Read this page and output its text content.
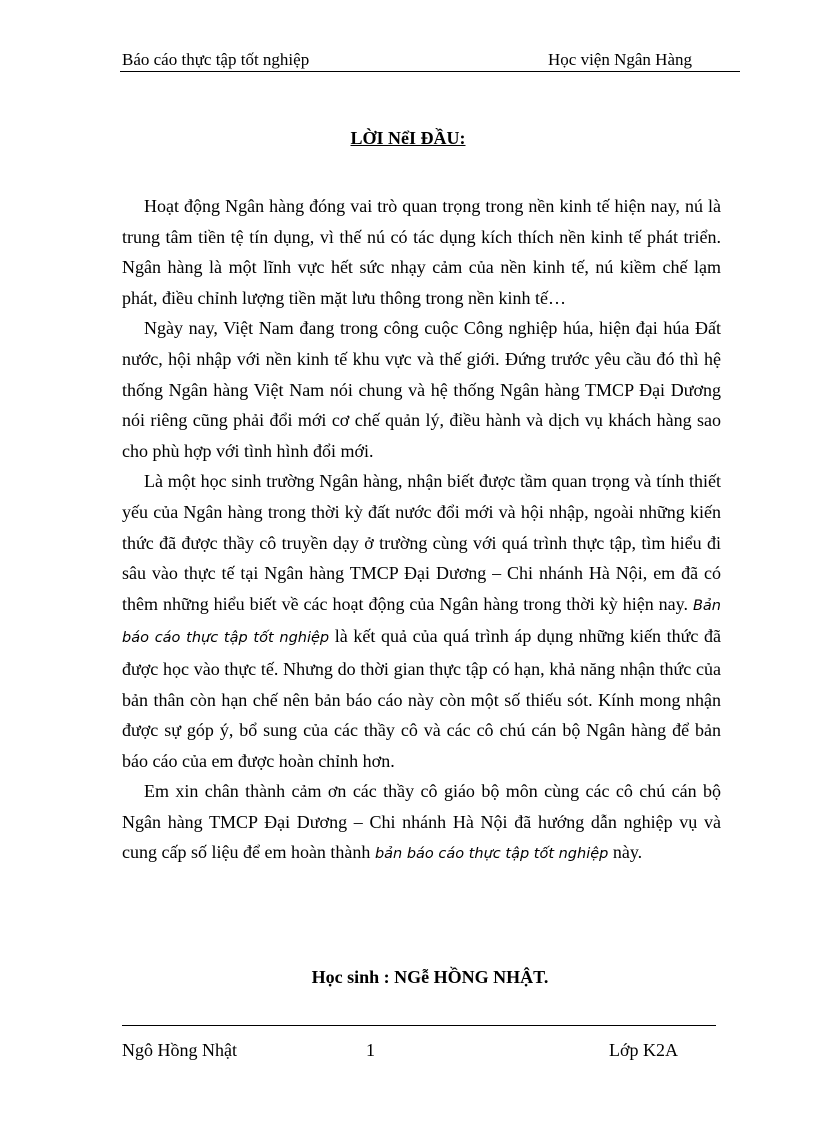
Báo cáo thực tập tốt nghiệp	Học viện Ngân Hàng
LỜI NểI ĐẦU:

Hoạt động Ngân hàng đóng vai trò quan trọng trong nền kinh tế hiện nay, nú là trung tâm tiền tệ tín dụng, vì thế nú có tác dụng kích thích nền kinh tế phát triển. Ngân hàng là một lĩnh vực hết sức nhạy cảm của nền kinh tế, nú kiềm chế lạm phát, điều chỉnh lượng tiền mặt lưu thông trong nền kinh tế…

Ngày nay, Việt Nam đang trong công cuộc Công nghiệp húa, hiện đại húa Đất nước, hội nhập với nền kinh tế khu vực và thế giới. Đứng trước yêu cầu đó thì hệ thống Ngân hàng Việt Nam nói chung và hệ thống Ngân hàng TMCP Đại Dương nói riêng cũng phải đổi mới cơ chế quản lý, điều hành và dịch vụ khách hàng sao cho phù hợp với tình hình đổi mới.

Là một học sinh trường Ngân hàng, nhận biết được tầm quan trọng và tính thiết yếu của Ngân hàng trong thời kỳ đất nước đổi mới và hội nhập, ngoài những kiến thức đã được thầy cô truyền dạy ở trường cùng với quá trình thực tập, tìm hiểu đi sâu vào thực tế tại Ngân hàng TMCP Đại Dương – Chi nhánh Hà Nội, em đã có thêm những hiểu biết về các hoạt động của Ngân hàng trong thời kỳ hiện nay. Bản báo cáo thực tập tốt nghiệp là kết quả của quá trình áp dụng những kiến thức đã được học vào thực tế. Nhưng do thời gian thực tập có hạn, khả năng nhận thức của bản thân còn hạn chế nên bản báo cáo này còn một số thiếu sót. Kính mong nhận được sự góp ý, bổ sung của các thầy cô và các cô chú cán bộ Ngân hàng để bản báo cáo của em được hoàn chỉnh hơn.

Em xin chân thành cảm ơn các thầy cô giáo bộ môn cùng các cô chú cán bộ Ngân hàng TMCP Đại Dương – Chi nhánh Hà Nội đã hướng dẫn nghiệp vụ và cung cấp số liệu để em hoàn thành bản báo cáo thực tập tốt nghiệp này.

Học sinh : NGễ HỒNG NHẬT.
Ngô Hồng Nhật	1	Lớp K2A
